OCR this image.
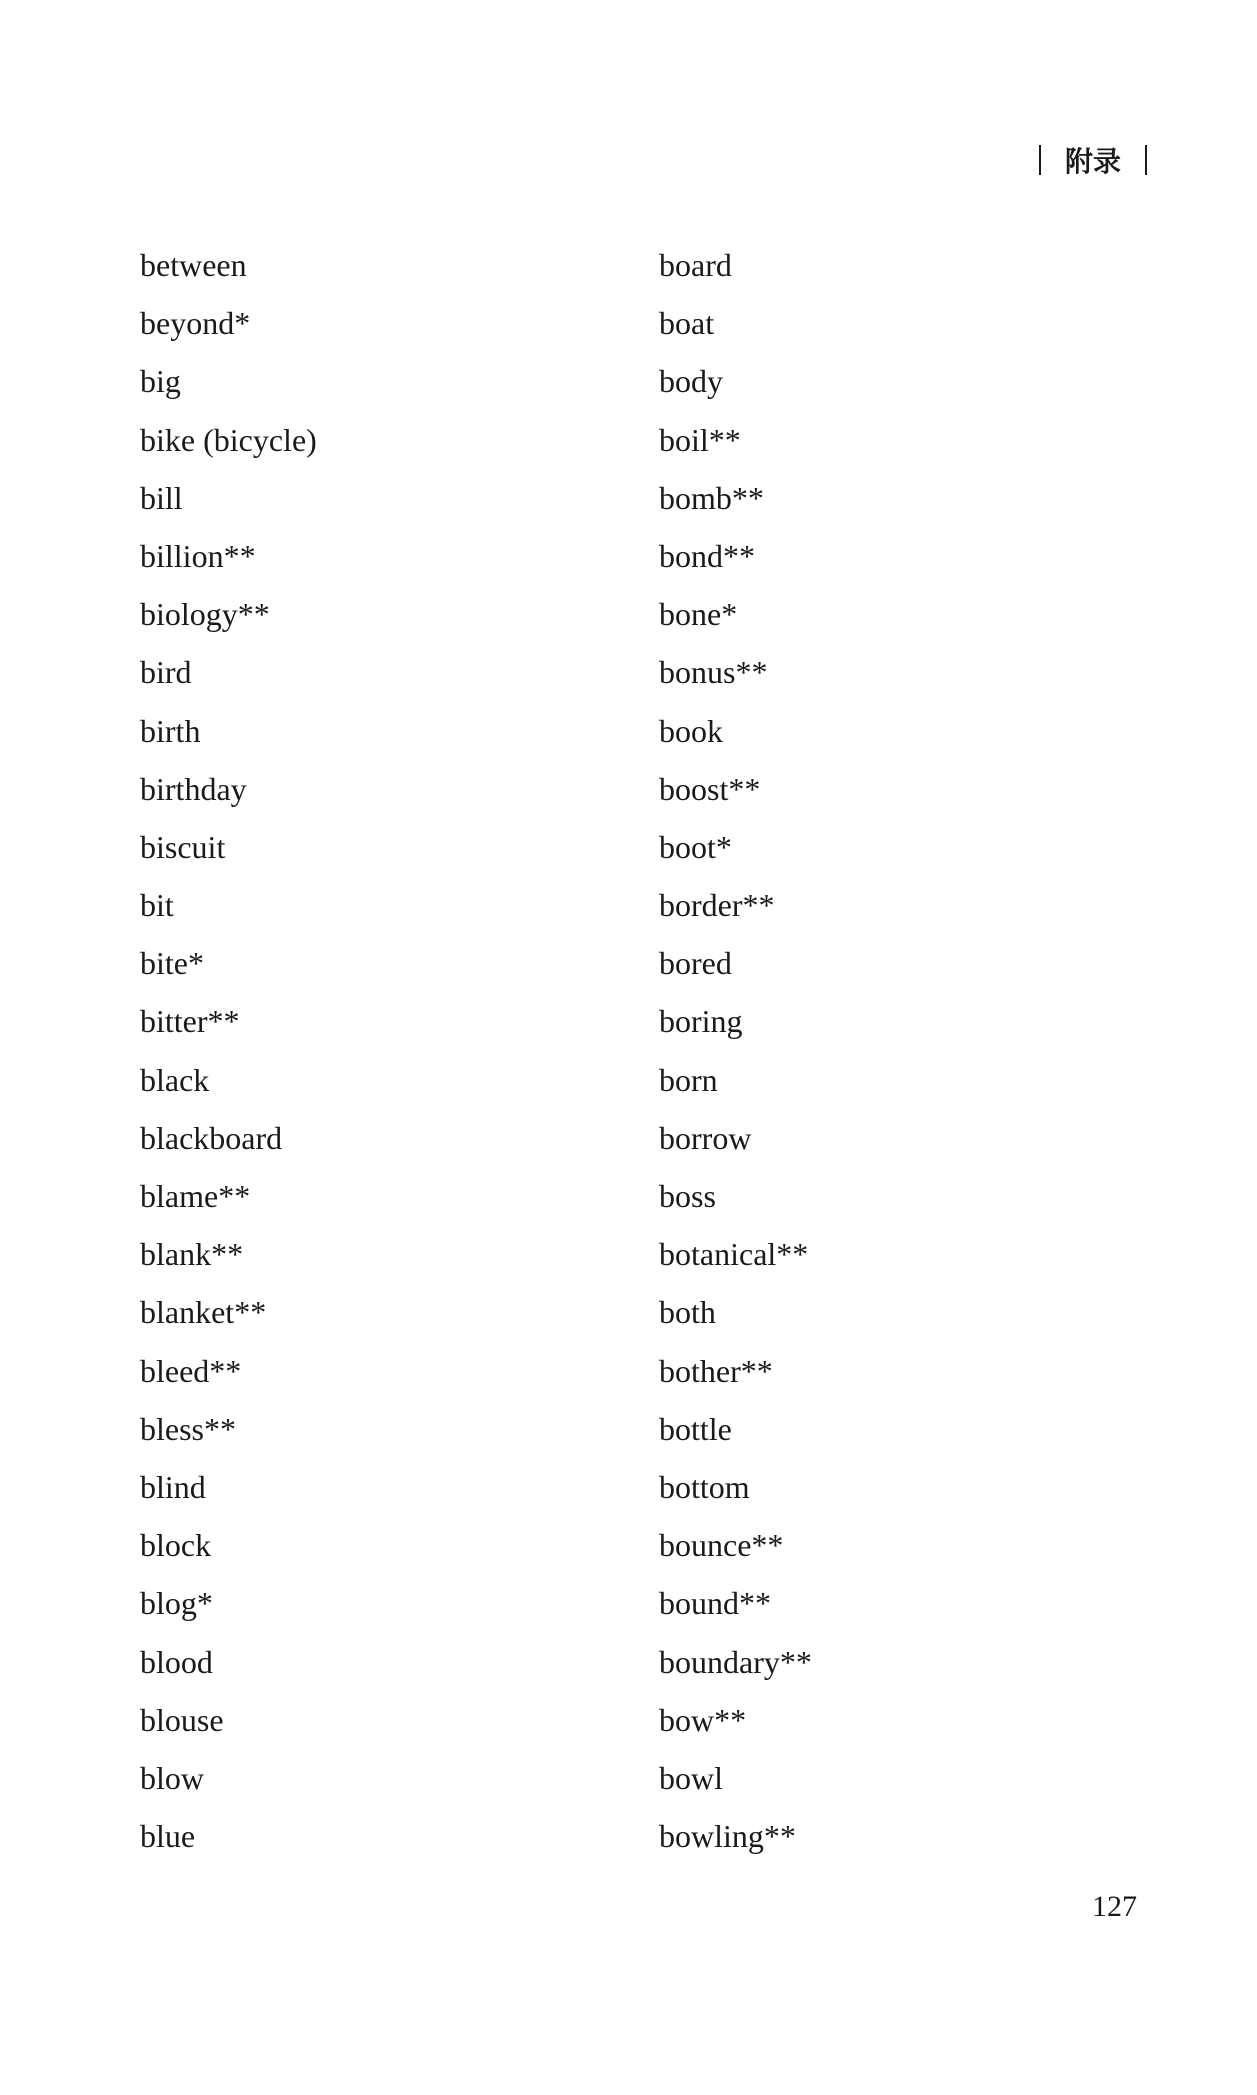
附录
between
beyond*
big
bike (bicycle)
bill
billion**
biology**
bird
birth
birthday
biscuit
bit
bite*
bitter**
black
blackboard
blame**
blank**
blanket**
bleed**
bless**
blind
block
blog*
blood
blouse
blow
blue
board
boat
body
boil**
bomb**
bond**
bone*
bonus**
book
boost**
boot*
border**
bored
boring
born
borrow
boss
botanical**
both
bother**
bottle
bottom
bounce**
bound**
boundary**
bow**
bowl
bowling**
127
